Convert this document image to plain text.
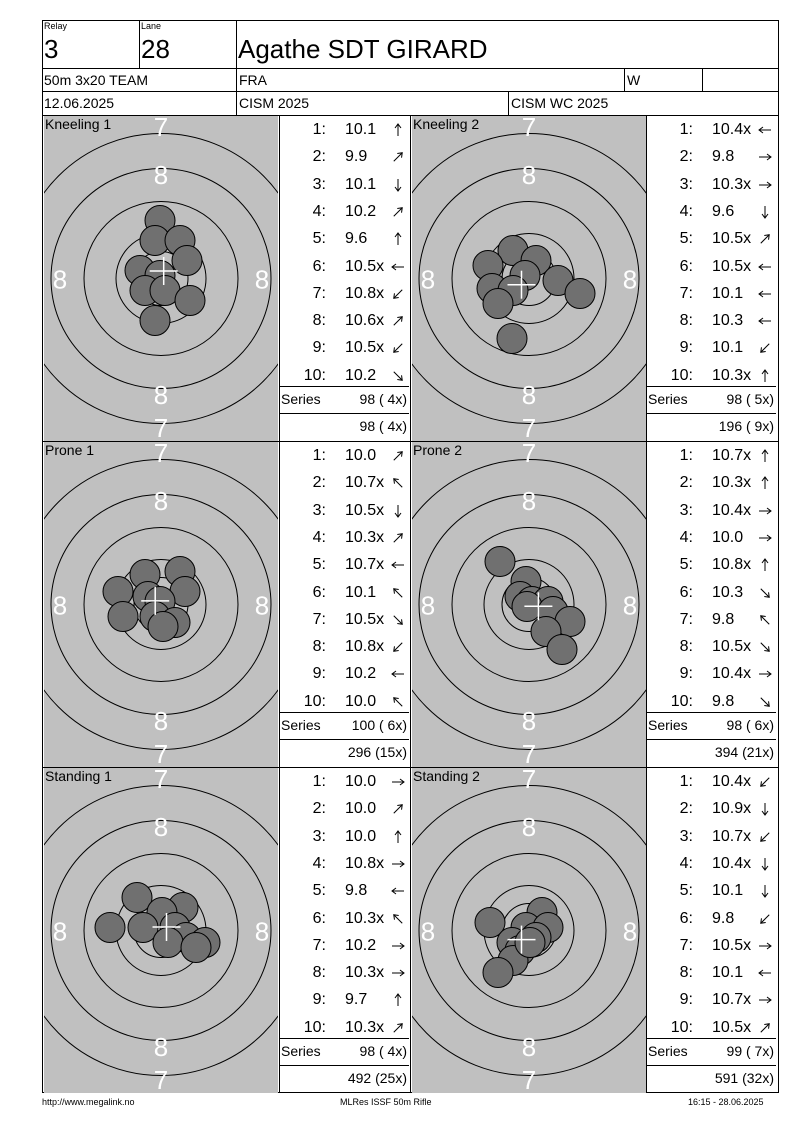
Relay
3
Lane
28	Agathe SDT GIRARD
50m 3x20 TEAM	FRA	W
12.06.2025	CISM 2025	CISM WC 2025
7
7
8
8
8	8
Kneeling 1	1: 10.1
2: 9.9
3: 10.1
4: 10.2
5: 9.6
6: 10.5x
7: 10.8x
8: 10.6x
9: 10.5x
10: 10.2
Series	98 ( 4x)
98 ( 4x)
7
7
8
8
8	8
Kneeling 2	1: 10.4x
2: 9.8
3: 10.3x
4: 9.6
5: 10.5x
6: 10.5x
7: 10.1
8: 10.3
9: 10.1
10: 10.3x
Series	98 ( 5x)
196 ( 9x)
7
7
8
8
8	8
Prone 1	1: 10.0
2: 10.7x
3: 10.5x
4: 10.3x
5: 10.7x
6: 10.1
7: 10.5x
8: 10.8x
9: 10.2
10: 10.0
Series	100 ( 6x)
296 (15x)
7
7
8
8
8	8
Prone 2	1: 10.7x
2: 10.3x
3: 10.4x
4: 10.0
5: 10.8x
6: 10.3
7: 9.8
8: 10.5x
9: 10.4x
10: 9.8
Series	98 ( 6x)
394 (21x)
7
7
8
8
8	8
Standing 1	1: 10.0
2: 10.0
3: 10.0
4: 10.8x
5: 9.8
6: 10.3x
7: 10.2
8: 10.3x
9: 9.7
10: 10.3x
Series	98 ( 4x)
492 (25x)
7
7
8
8
8	8
Standing 2	1: 10.4x
2: 10.9x
3: 10.7x
4: 10.4x
5: 10.1
6: 9.8
7: 10.5x
8: 10.1
9: 10.7x
10: 10.5x
Series	99 ( 7x)
591 (32x)
http://www.megalink.no	MLRes ISSF 50m Rifle	16:15 - 28.06.2025
